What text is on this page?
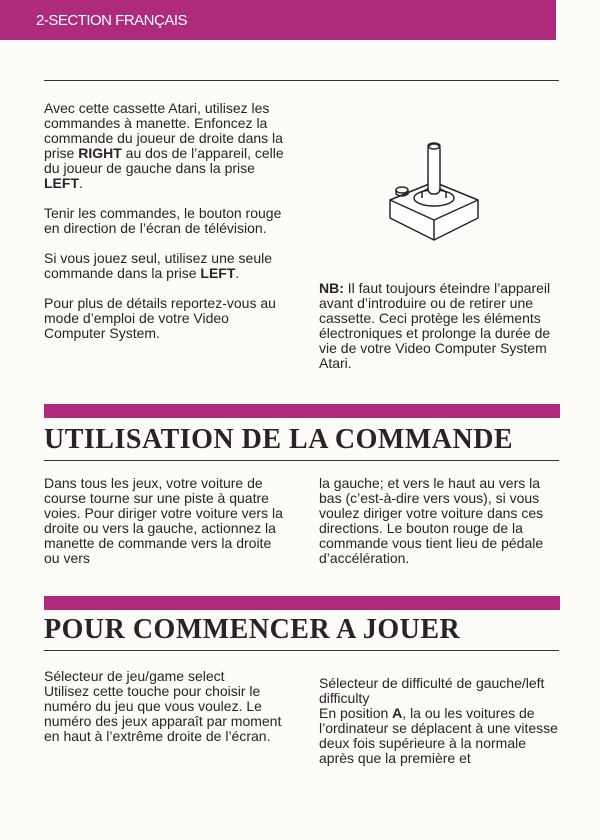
2-SECTION FRANÇAIS

Avec cette cassette Atari, utilisez les commandes à manette. Enfoncez la commande du joueur de droite dans la prise RIGHT au dos de l’appareil, celle du joueur de gauche dans la prise LEFT.

Tenir les commandes, le bouton rouge en direction de l’écran de télévision.

Si vous jouez seul, utilisez une seule commande dans la prise LEFT.

Pour plus de détails reportez-vous au mode d’emploi de votre Video Computer System.

NB: Il faut toujours éteindre l’appareil avant d’introduire ou de retirer une cassette. Ceci protège les éléments électroniques et prolonge la durée de vie de votre Video Computer System Atari.

UTILISATION DE LA COMMANDE

Dans tous les jeux, votre voiture de course tourne sur une piste à quatre voies. Pour diriger votre voiture vers la droite ou vers la gauche, actionnez la manette de commande vers la droite ou vers

la gauche; et vers le haut au vers la bas (c’est-à-dire vers vous), si vous voulez diriger votre voiture dans ces directions. Le bouton rouge de la commande vous tient lieu de pédale d’accélération.

POUR COMMENCER A JOUER
Sélecteur de jeu/game select
Utilisez cette touche pour choisir le numéro du jeu que vous voulez. Le numéro des jeux apparaît par moment en haut à l’extrême droite de l’écran.
Sélecteur de difficulté de gauche/left difficulty
En position A, la ou les voitures de l’ordinateur se déplacent à une vitesse deux fois supérieure à la normale après que la première et
